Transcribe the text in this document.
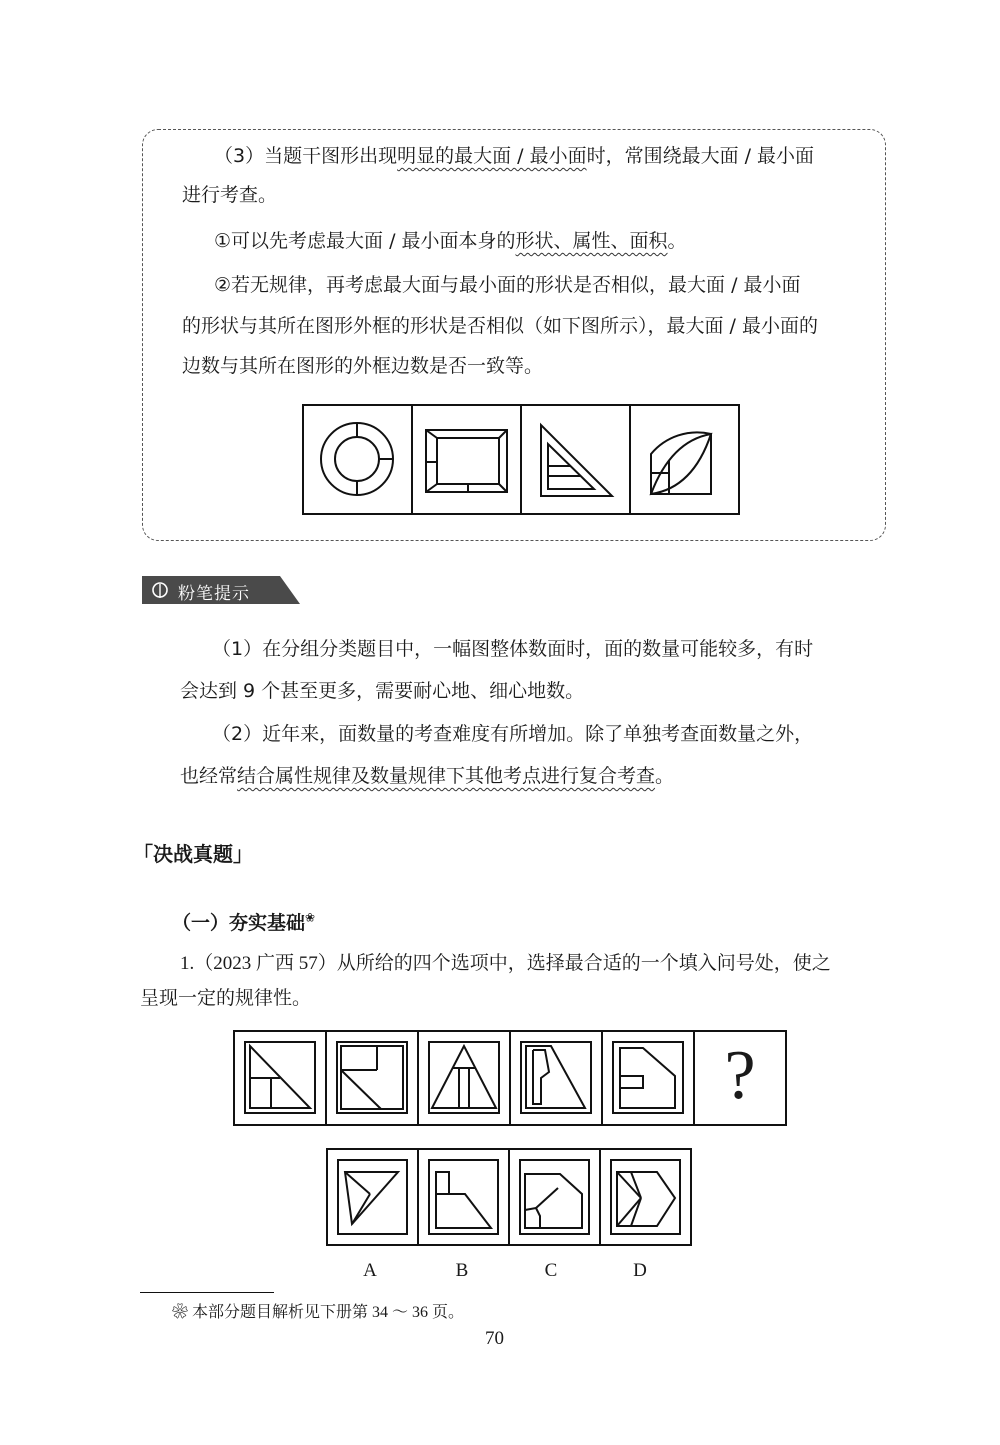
（3）当题干图形出现明显的最大面 / 最小面时，常围绕最大面 / 最小面
进行考查。
①可以先考虑最大面 / 最小面本身的形状、属性、面积。
②若无规律，再考虑最大面与最小面的形状是否相似，最大面 / 最小面
的形状与其所在图形外框的形状是否相似（如下图所示），最大面 / 最小面的
边数与其所在图形的外框边数是否一致等。
粉笔提示
（1）在分组分类题目中，一幅图整体数面时，面的数量可能较多，有时
会达到 9 个甚至更多，需要耐心地、细心地数。
（2）近年来，面数量的考查难度有所增加。除了单独考查面数量之外，
也经常结合属性规律及数量规律下其他考点进行复合考查。
「决战真题」
（一）夯实基础❀
1.（2023 广西 57）从所给的四个选项中，选择最合适的一个填入问号处，使之
呈现一定的规律性。
?
A	B	C	D
❀ 本部分题目解析见下册第 34 ～ 36 页。
70
